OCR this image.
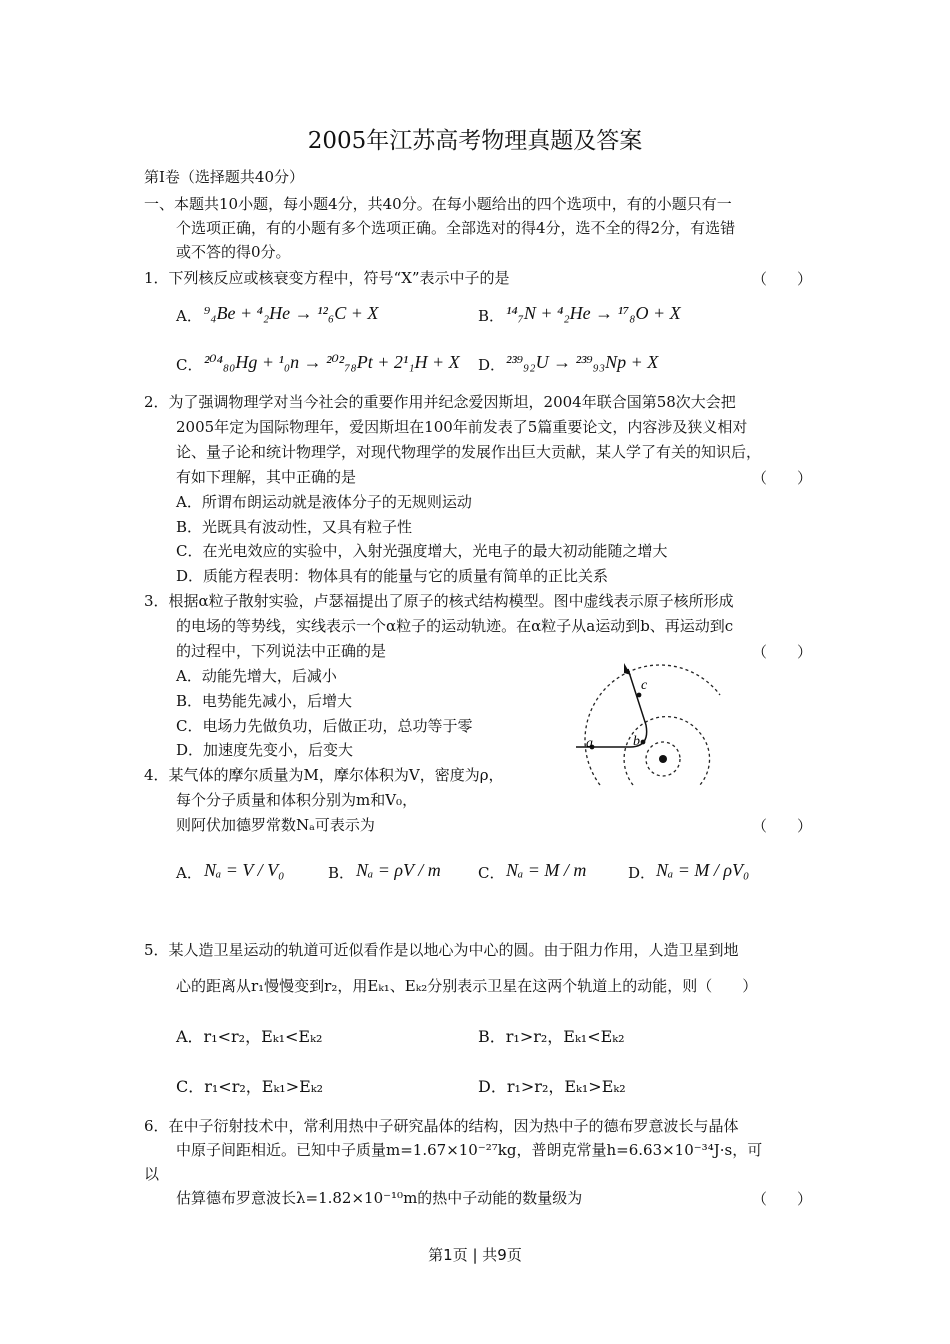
2005年江苏高考物理真题及答案
第Ⅰ卷（选择题共40分）
一、本题共10小题，每小题4分，共40分。在每小题给出的四个选项中，有的小题只有一
个选项正确，有的小题有多个选项正确。全部选对的得4分，选不全的得2分，有选错
或不答的得0分。
1．下列核反应或核衰变方程中，符号“X”表示中子的是	（　　）
A． ⁹₄Be + ⁴₂He → ¹²₆C + X	B． ¹⁴₇N + ⁴₂He → ¹⁷₈O + X
C． ²⁰⁴₈₀Hg + ¹₀n → ²⁰²₇₈Pt + 2¹₁H + X D． ²³⁹₉₂U → ²³⁹₉₃Np + X
2．为了强调物理学对当今社会的重要作用并纪念爱因斯坦，2004年联合国第58次大会把
2005年定为国际物理年，爱因斯坦在100年前发表了5篇重要论文，内容涉及狭义相对
论、量子论和统计物理学，对现代物理学的发展作出巨大贡献，某人学了有关的知识后，
有如下理解，其中正确的是	（　　）
A．所谓布朗运动就是液体分子的无规则运动
B．光既具有波动性，又具有粒子性
C．在光电效应的实验中，入射光强度增大，光电子的最大初动能随之增大
D．质能方程表明：物体具有的能量与它的质量有简单的正比关系
3．根据α粒子散射实验，卢瑟福提出了原子的核式结构模型。图中虚线表示原子核所形成
的电场的等势线，实线表示一个α粒子的运动轨迹。在α粒子从a运动到b、再运动到c
的过程中，下列说法中正确的是	（　　）
A．动能先增大，后减小
B．电势能先减小，后增大
C．电场力先做负功，后做正功，总功等于零
D．加速度先变小，后变大	a	b
c
4．某气体的摩尔质量为M，摩尔体积为V，密度为ρ，
每个分子质量和体积分别为m和V₀，
则阿伏加德罗常数Nₐ可表示为	（　　）
A． Nₐ = V / V₀	B． Nₐ = ρV / m C． Nₐ = M / m	D． Nₐ = M / ρV₀
5．某人造卫星运动的轨道可近似看作是以地心为中心的圆。由于阻力作用，人造卫星到地
心的距离从r₁慢慢变到r₂，用Eₖ₁、Eₖ₂分别表示卫星在这两个轨道上的动能，则（　　）
A．r₁<r₂，Eₖ₁<Eₖ₂	B．r₁>r₂，Eₖ₁<Eₖ₂
C．r₁<r₂，Eₖ₁>Eₖ₂	D．r₁>r₂，Eₖ₁>Eₖ₂
6．在中子衍射技术中，常利用热中子研究晶体的结构，因为热中子的德布罗意波长与晶体
中原子间距相近。已知中子质量m=1.67×10⁻²⁷kg，普朗克常量h=6.63×10⁻³⁴J·s，可
以
估算德布罗意波长λ=1.82×10⁻¹⁰m的热中子动能的数量级为	（　　）
第1页 | 共9页
